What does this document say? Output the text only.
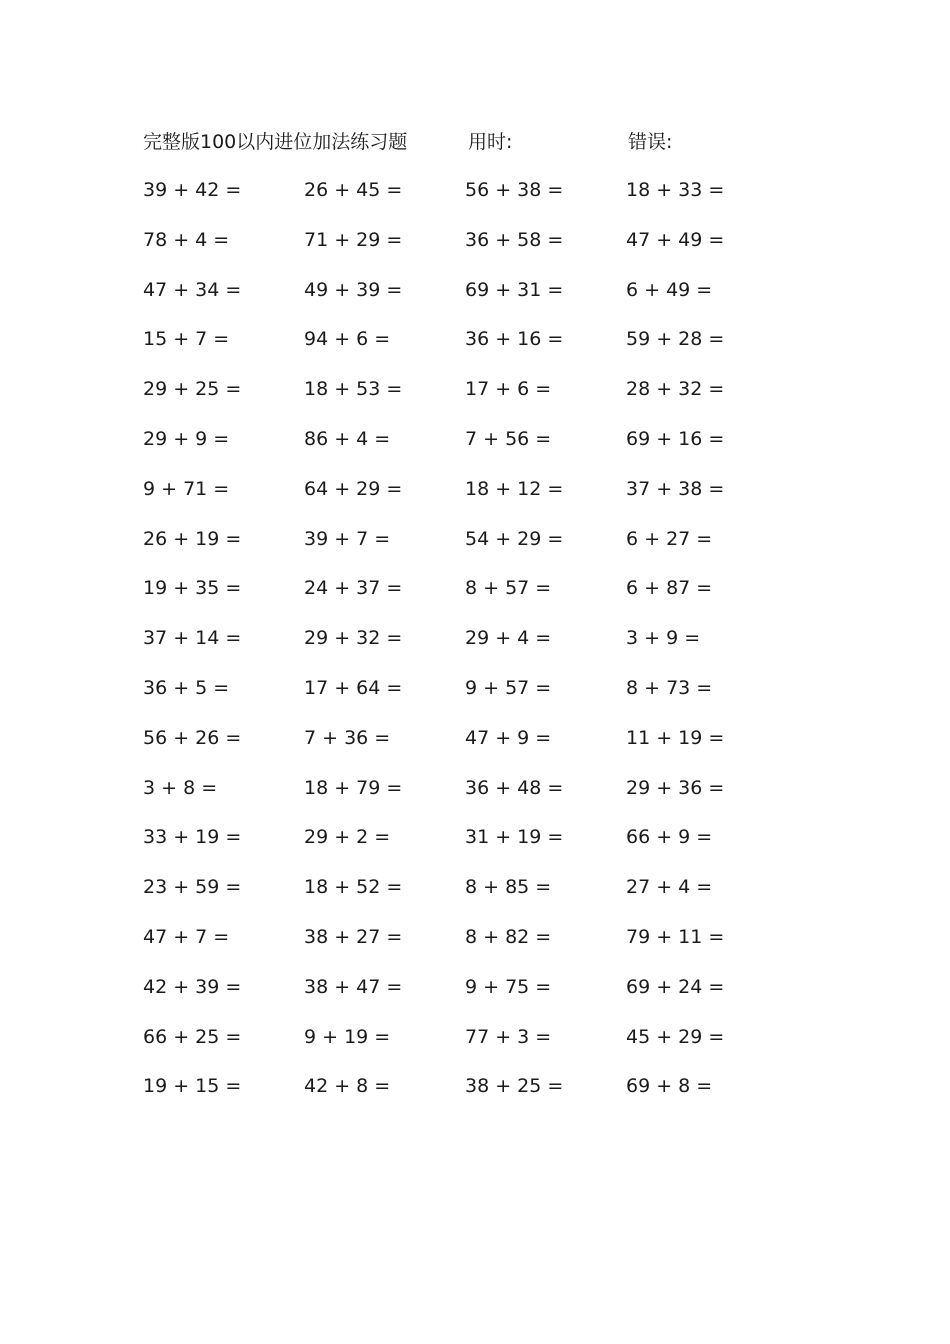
完整版100以内进位加法练习题	用时:	错误:
39 + 42 =	26 + 45 =	56 + 38 =	18 + 33 =
78 + 4 =	71 + 29 =	36 + 58 =	47 + 49 =
47 + 34 =	49 + 39 =	69 + 31 =	6 + 49 =
15 + 7 =	94 + 6 =	36 + 16 =	59 + 28 =
29 + 25 =	18 + 53 =	17 + 6 =	28 + 32 =
29 + 9 =	86 + 4 =	7 + 56 =	69 + 16 =
9 + 71 =	64 + 29 =	18 + 12 =	37 + 38 =
26 + 19 =	39 + 7 =	54 + 29 =	6 + 27 =
19 + 35 =	24 + 37 =	8 + 57 =	6 + 87 =
37 + 14 =	29 + 32 =	29 + 4 =	3 + 9 =
36 + 5 =	17 + 64 =	9 + 57 =	8 + 73 =
56 + 26 =	7 + 36 =	47 + 9 =	11 + 19 =
3 + 8 =	18 + 79 =	36 + 48 =	29 + 36 =
33 + 19 =	29 + 2 =	31 + 19 =	66 + 9 =
23 + 59 =	18 + 52 =	8 + 85 =	27 + 4 =
47 + 7 =	38 + 27 =	8 + 82 =	79 + 11 =
42 + 39 =	38 + 47 =	9 + 75 =	69 + 24 =
66 + 25 =	9 + 19 =	77 + 3 =	45 + 29 =
19 + 15 =	42 + 8 =	38 + 25 =	69 + 8 =
